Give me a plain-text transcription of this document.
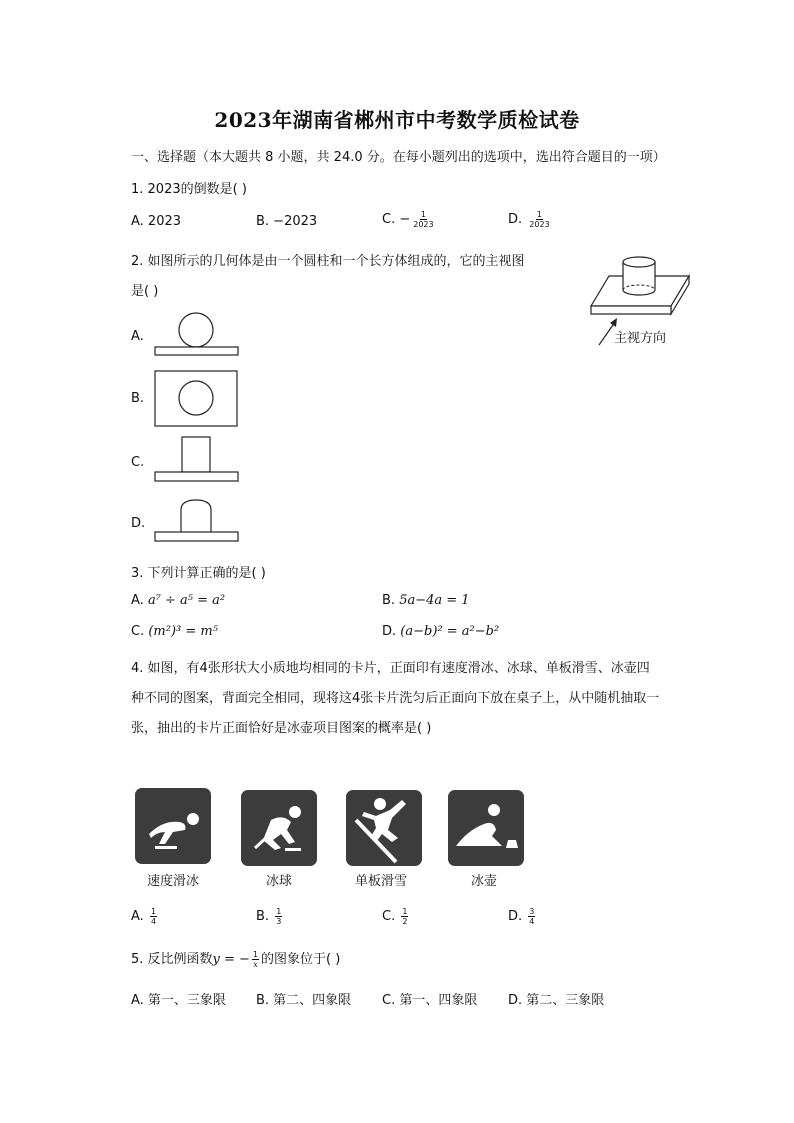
2023年湖南省郴州市中考数学质检试卷
一、选择题（本大题共 8 小题，共 24.0 分。在每小题列出的选项中，选出符合题目的一项）
1. 2023的倒数是( )
A. 2023	B. −2023	C. − $\frac{1}{2023}$	D. $\frac{1}{2023}$
2. 如图所示的几何体是由一个圆柱和一个长方体组成的，它的主视图
是( )
主视方向
A.
B.
C.
D.
3. 下列计算正确的是( )
A. a⁷ ÷ a⁵ = a²	B. 5a−4a = 1
C. (m²)³ = m⁵	D. (a−b)² = a²−b²
4. 如图，有4张形状大小质地均相同的卡片，正面印有速度滑冰、冰球、单板滑雪、冰壶四
种不同的图案，背面完全相同，现将这4张卡片洗匀后正面向下放在桌子上，从中随机抽取一
张，抽出的卡片正面恰好是冰壶项目图案的概率是( )
速度滑冰	冰球	单板滑雪	冰壶
A. $\frac{1}{4}$	B. $\frac{1}{3}$	C. $\frac{1}{2}$	D. $\frac{3}{4}$
5. 反比例函数y = − $\frac{1}{x}$ 的图象位于( )
A. 第一、三象限 B. 第二、四象限 C. 第一、四象限 D. 第二、三象限
